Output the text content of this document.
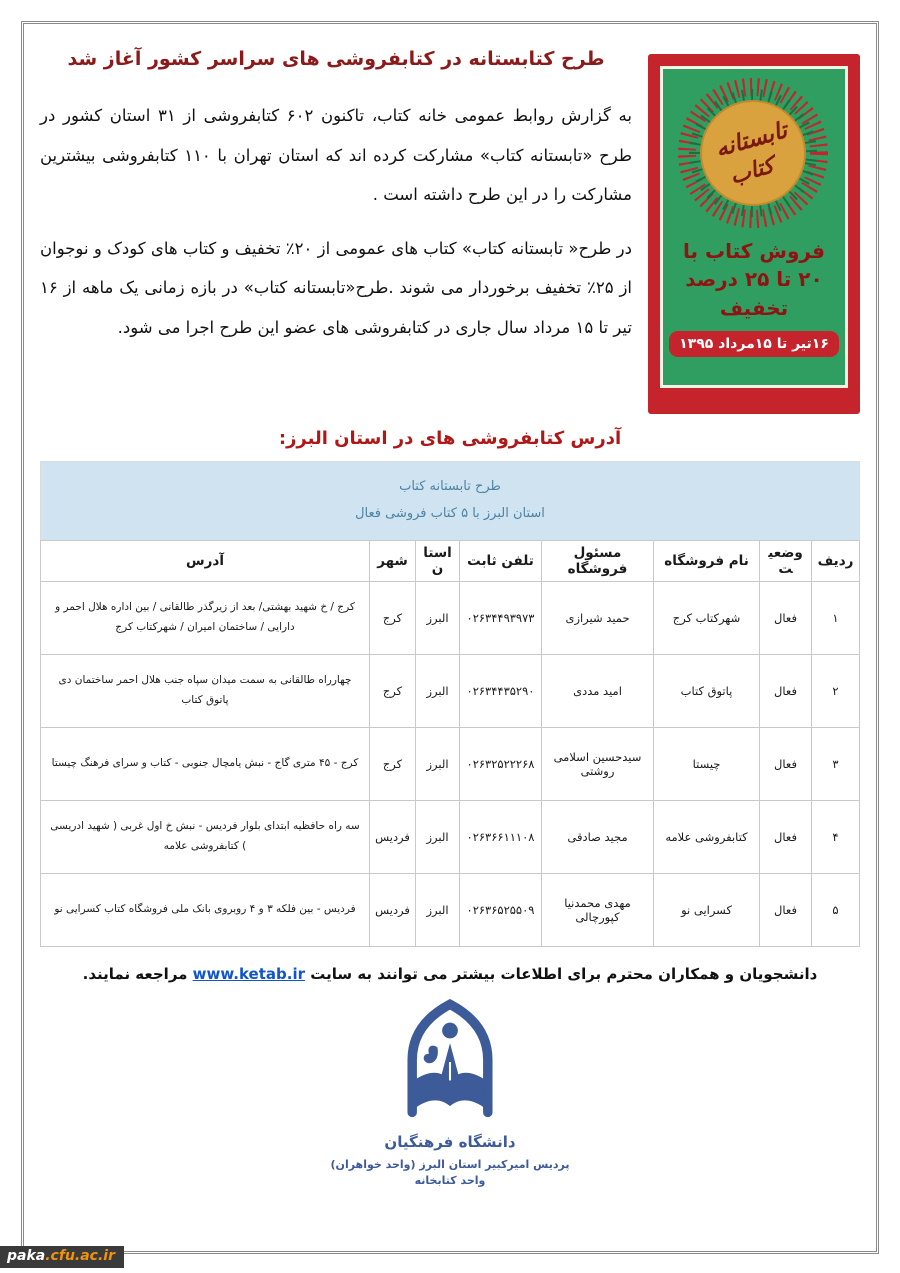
تابستانه
کتاب
فروش کتاب با
۲۰ تا ۲۵ درصد
تخفیف
۱۶تیر تا ۱۵مرداد ۱۳۹۵
طرح کتابستانه در کتابفروشی های سراسر کشور آغاز شد

به گزارش روابط عمومی خانه کتاب، تاکنون ۶۰۲ کتابفروشی از ۳۱ استان کشور در طرح «تابستانه کتاب» مشارکت کرده اند که استان تهران با ۱۱۰ کتابفروشی بیشترین مشارکت را در این طرح داشته است .

در طرح« تابستانه کتاب» کتاب های عمومی از ۲۰٪ تخفیف و کتاب های کودک و نوجوان از ۲۵٪ تخفیف برخوردار می شوند .طرح«تابستانه کتاب» در بازه زمانی یک ماهه از ۱۶ تیر تا ۱۵ مرداد سال جاری در کتابفروشی های عضو این طرح اجرا می شود.

آدرس کتابفروشی های در استان البرز:
طرح تابستانه کتاب
استان البرز با ۵ کتاب فروشی فعال
ردیف	وضعیت	نام فروشگاه	مسئول فروشگاه	تلفن ثابت	استان	شهر	آدرس
۱	فعال	شهرکتاب کرج	حمید شیرازی	۰۲۶۳۴۴۹۳۹۷۳	البرز	کرج	کرج / خ شهید بهشتی/ بعد از زیرگذر طالقانی / بین اداره هلال احمر و دارایی / ساختمان امیران / شهرکتاب کرج
۲	فعال	پاتوق کتاب	امید مددی	۰۲۶۳۴۴۳۵۲۹۰	البرز	کرج	چهارراه طالقانی به سمت میدان سپاه جنب هلال احمر ساختمان دی پاتوق کتاب
۳	فعال	چیستا	سیدحسین اسلامی روشتی	۰۲۶۳۲۵۲۲۲۶۸	البرز	کرج	کرج - ۴۵ متری گاج - نبش یامچال جنوبی - کتاب و سرای فرهنگ چیستا
۴	فعال	کتابفروشی علامه	مجید صادقی	۰۲۶۳۶۶۱۱۱۰۸	البرز	فردیس	سه راه حافظیه ابتدای بلوار فردیس - نبش خ اول غربی ( شهید ادریسی ) کتابفروشی علامه
۵	فعال	کسرایی نو	مهدی محمدنیا کپورچالی	۰۲۶۳۶۵۲۵۵۰۹	البرز	فردیس	فردیس - بین فلکه ۳ و ۴ روبروی بانک ملی فروشگاه کتاب کسرایی نو
دانشجویان و همکاران محترم برای اطلاعات بیشتر می توانند به سایت www.ketab.ir مراجعه نمایند.
دانشگاه فرهنگیان
پردیس امیرکبیر استان البرز (واحد خواهران)
واحد کتابخانه
paka.cfu.ac.ir
